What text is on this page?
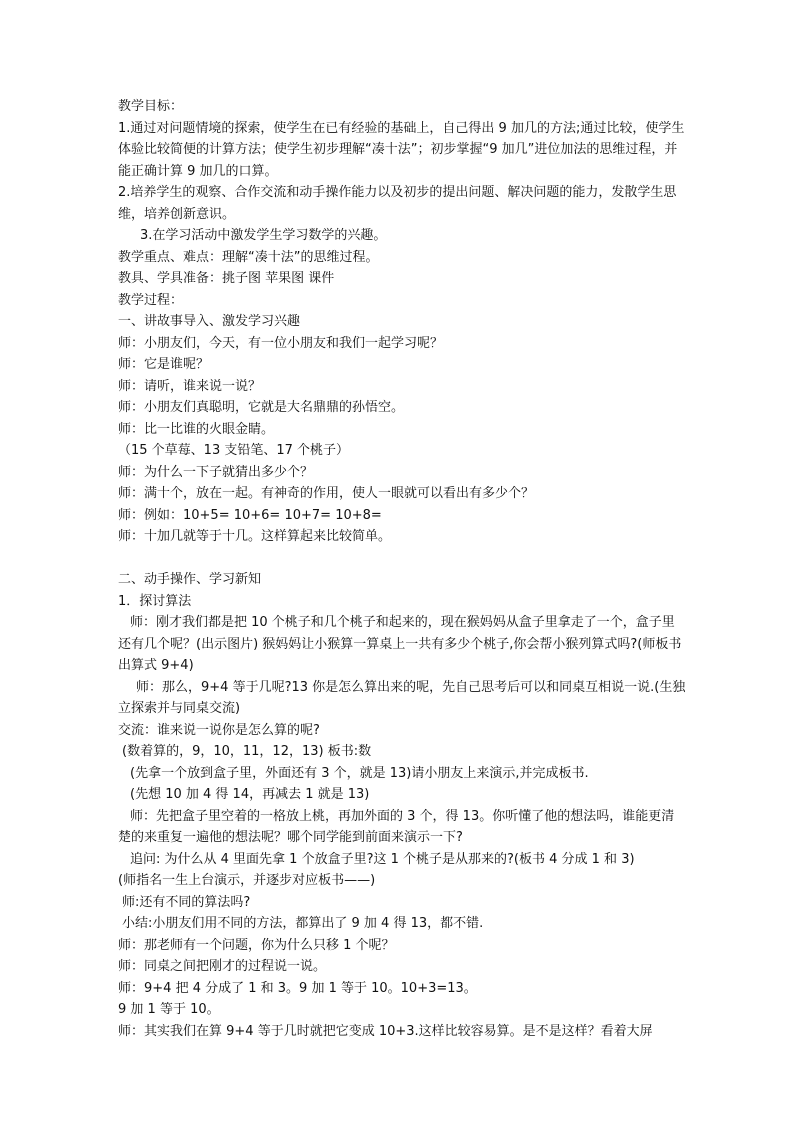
教学目标：
1.通过对问题情境的探索，使学生在已有经验的基础上，自己得出 9 加几的方法;通过比较，使学生体验比较简便的计算方法；使学生初步理解“凑十法”；初步掌握“9 加几”进位加法的思维过程，并能正确计算 9 加几的口算。
2.培养学生的观察、合作交流和动手操作能力以及初步的提出问题、解决问题的能力，发散学生思维，培养创新意识。
3.在学习活动中激发学生学习数学的兴趣。
教学重点、难点：理解“凑十法”的思维过程。
教具、学具准备：挑子图 苹果图 课件
教学过程：
一、讲故事导入、激发学习兴趣
师：小朋友们，今天，有一位小朋友和我们一起学习呢？
师：它是谁呢？
师：请听，谁来说一说？
师：小朋友们真聪明，它就是大名鼎鼎的孙悟空。
师：比一比谁的火眼金睛。
（15 个草莓、13 支铅笔、17 个桃子）
师：为什么一下子就猜出多少个？
师：满十个，放在一起。有神奇的作用，使人一眼就可以看出有多少个？
师：例如：10+5= 10+6= 10+7= 10+8=
师：十加几就等于十几。这样算起来比较简单。
二、动手操作、学习新知
1．探讨算法
师：刚才我们都是把 10 个桃子和几个桃子和起来的，现在猴妈妈从盒子里拿走了一个，盒子里还有几个呢？(出示图片) 猴妈妈让小猴算一算桌上一共有多少个桃子,你会帮小猴列算式吗?(师板书出算式 9+4)
师：那么，9+4 等于几呢?13 你是怎么算出来的呢，先自己思考后可以和同桌互相说一说.(生独立探索并与同桌交流)
交流：谁来说一说你是怎么算的呢?
(数着算的，9，10，11，12，13) 板书:数
(先拿一个放到盒子里，外面还有 3 个，就是 13)请小朋友上来演示,并完成板书.
(先想 10 加 4 得 14，再减去 1 就是 13)
师：先把盒子里空着的一格放上桃，再加外面的 3 个，得 13。你听懂了他的想法吗，谁能更清楚的来重复一遍他的想法呢？哪个同学能到前面来演示一下?
追问: 为什么从 4 里面先拿 1 个放盒子里?这 1 个桃子是从那来的?(板书 4 分成 1 和 3)
(师指名一生上台演示，并逐步对应板书——)
师:还有不同的算法吗?
小结:小朋友们用不同的方法，都算出了 9 加 4 得 13，都不错.
师：那老师有一个问题，你为什么只移 1 个呢？
师：同桌之间把刚才的过程说一说。
师：9+4 把 4 分成了 1 和 3。9 加 1 等于 10。10+3=13。
9 加 1 等于 10。
师：其实我们在算 9+4 等于几时就把它变成 10+3.这样比较容易算。是不是这样？看着大屏
